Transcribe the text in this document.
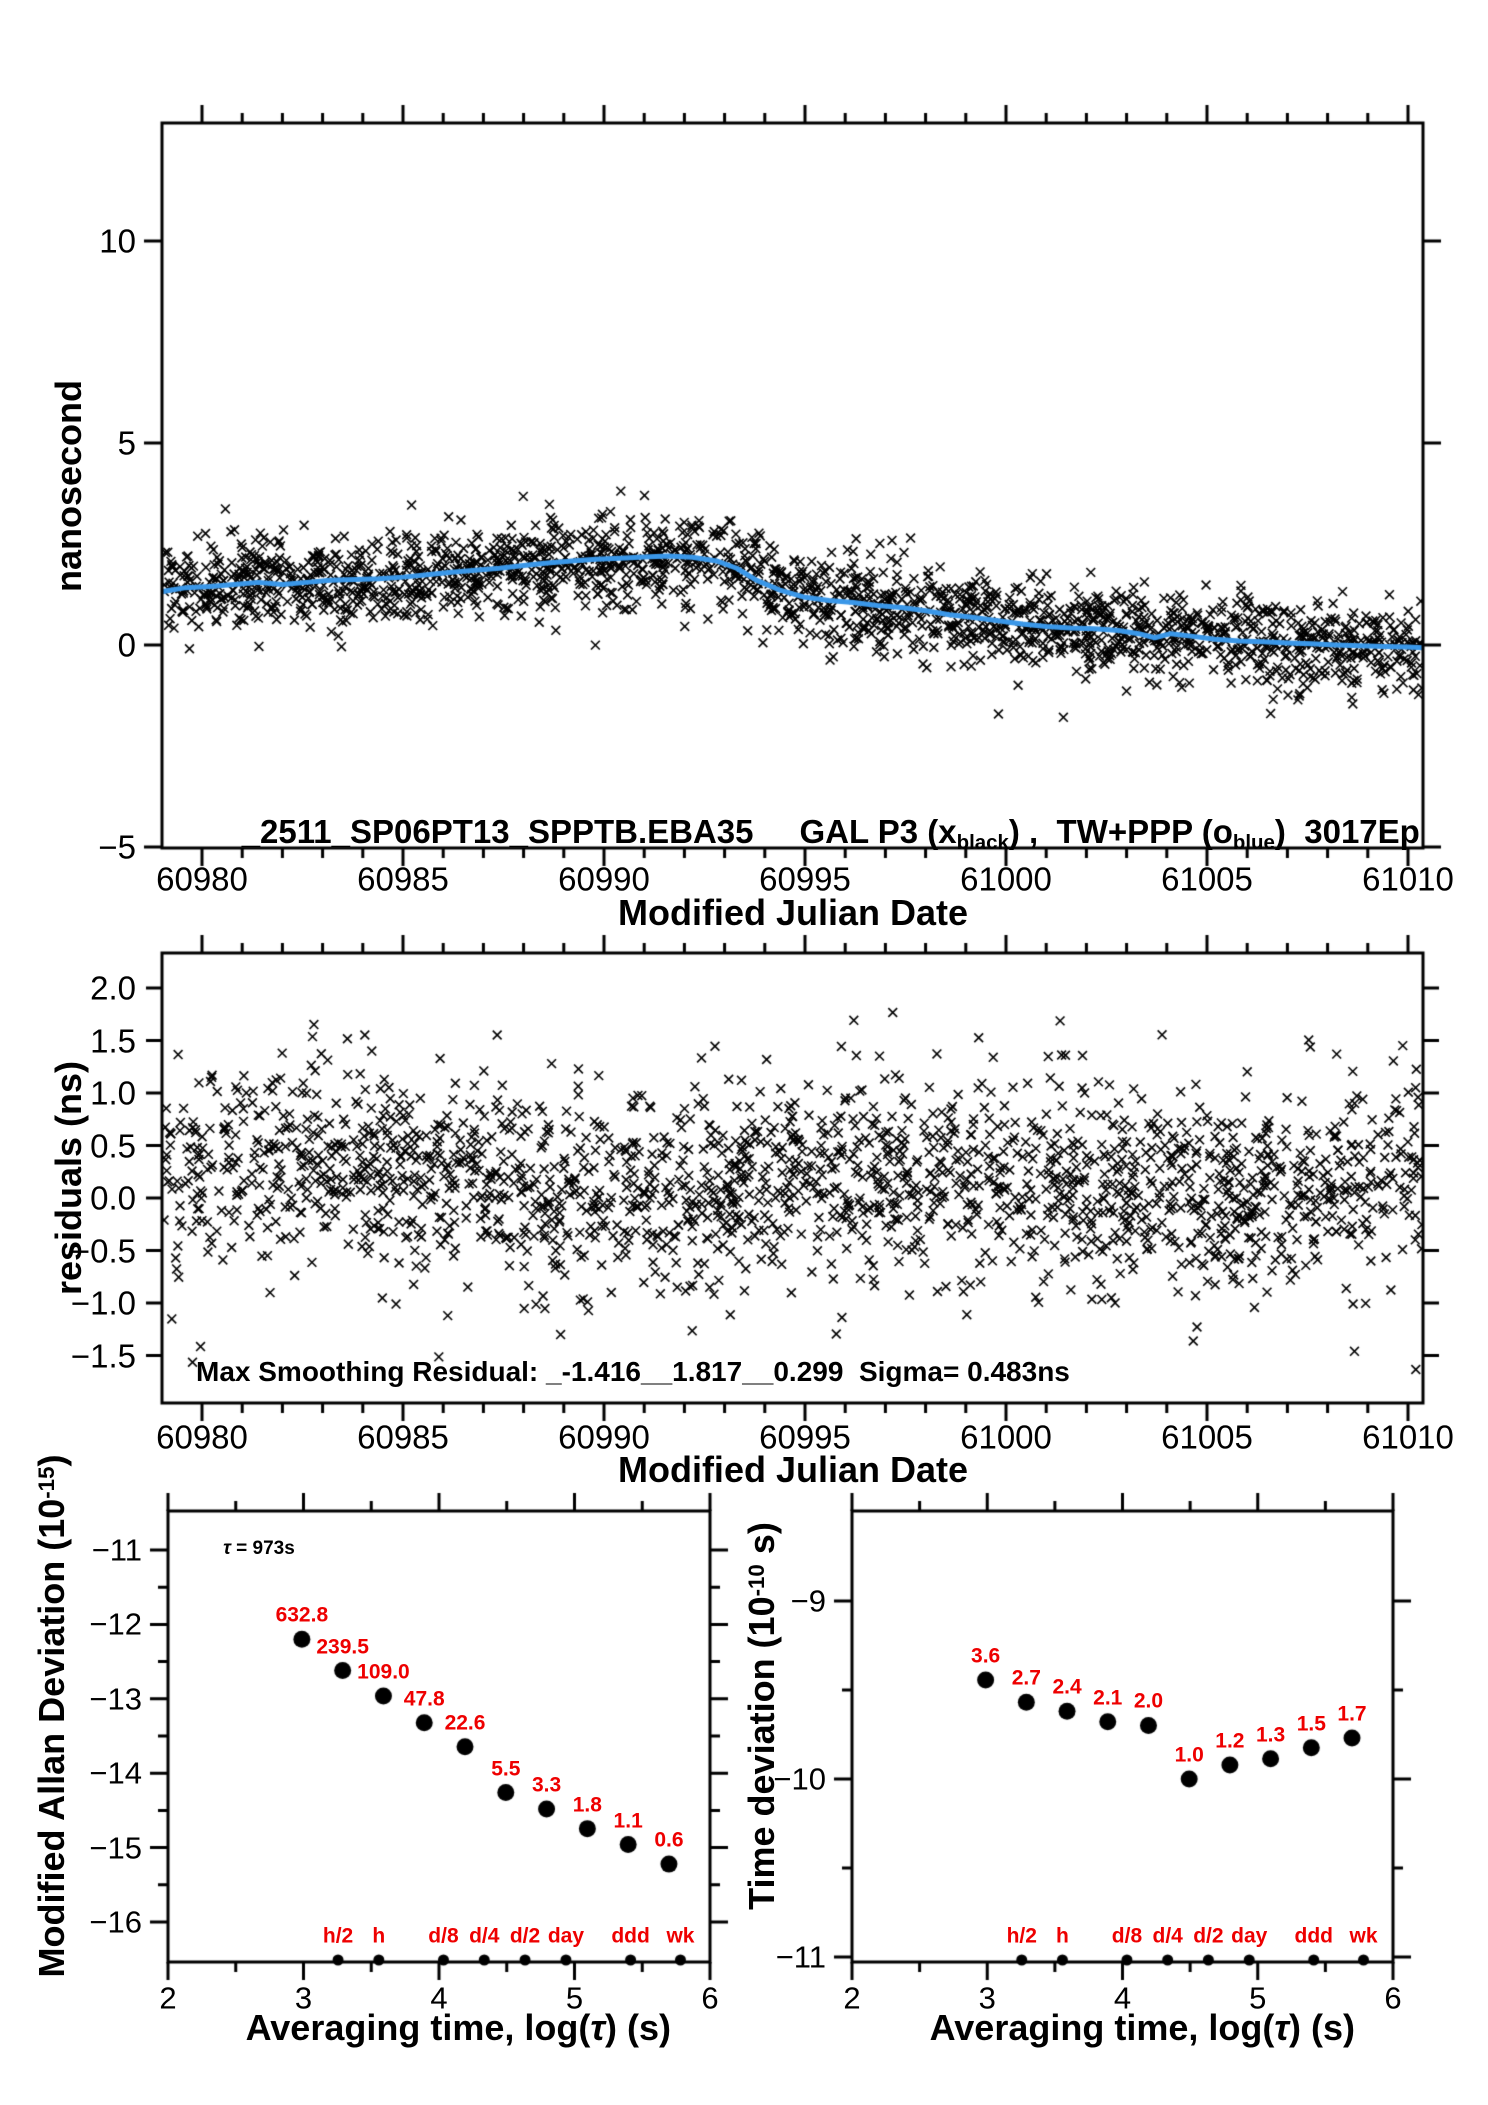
_2511_SP06PT13_SPPTB.EBA35 GAL P3 $(x_{black})$ ,  TW+PPP $(o_{blue})$  3017Ep

nanosecond
Modified Julian Date
residuals (ns)
Modified Julian Date

Modified Allan Deviation $(10^{-15})$

Averaging time, log(τ) (s)

Time deviation ($10^{-10}$ s)

Averaging time, log(τ) (s)

Max Smoothing Residual: _-1.416__1.817__0.299  Sigma= 0.483ns

τ = 973s

60980	60985	60990	60995	61000	61005	61010
10
5
0
−5
60980	60985	60990	60995	61000	61005	61010
2.0
1.5
1.0
0.5
0.0
−0.5
−1.0
−1.5
2	3	4	5	6
−11
−12
−13
−14
−15
−16
2	3	4	5	6
−9
−10
−11
632.8
239.5
109.0
47.8
22.6
5.5
3.3
1.8
1.1
0.6
3.6
2.7 2.4 2.1 2.0
1.0
1.2 1.3 1.5 1.7
h/2 h d/8 d/4 d/2 day ddd wk	h/2 h d/8 d/4 d/2 day ddd wk
